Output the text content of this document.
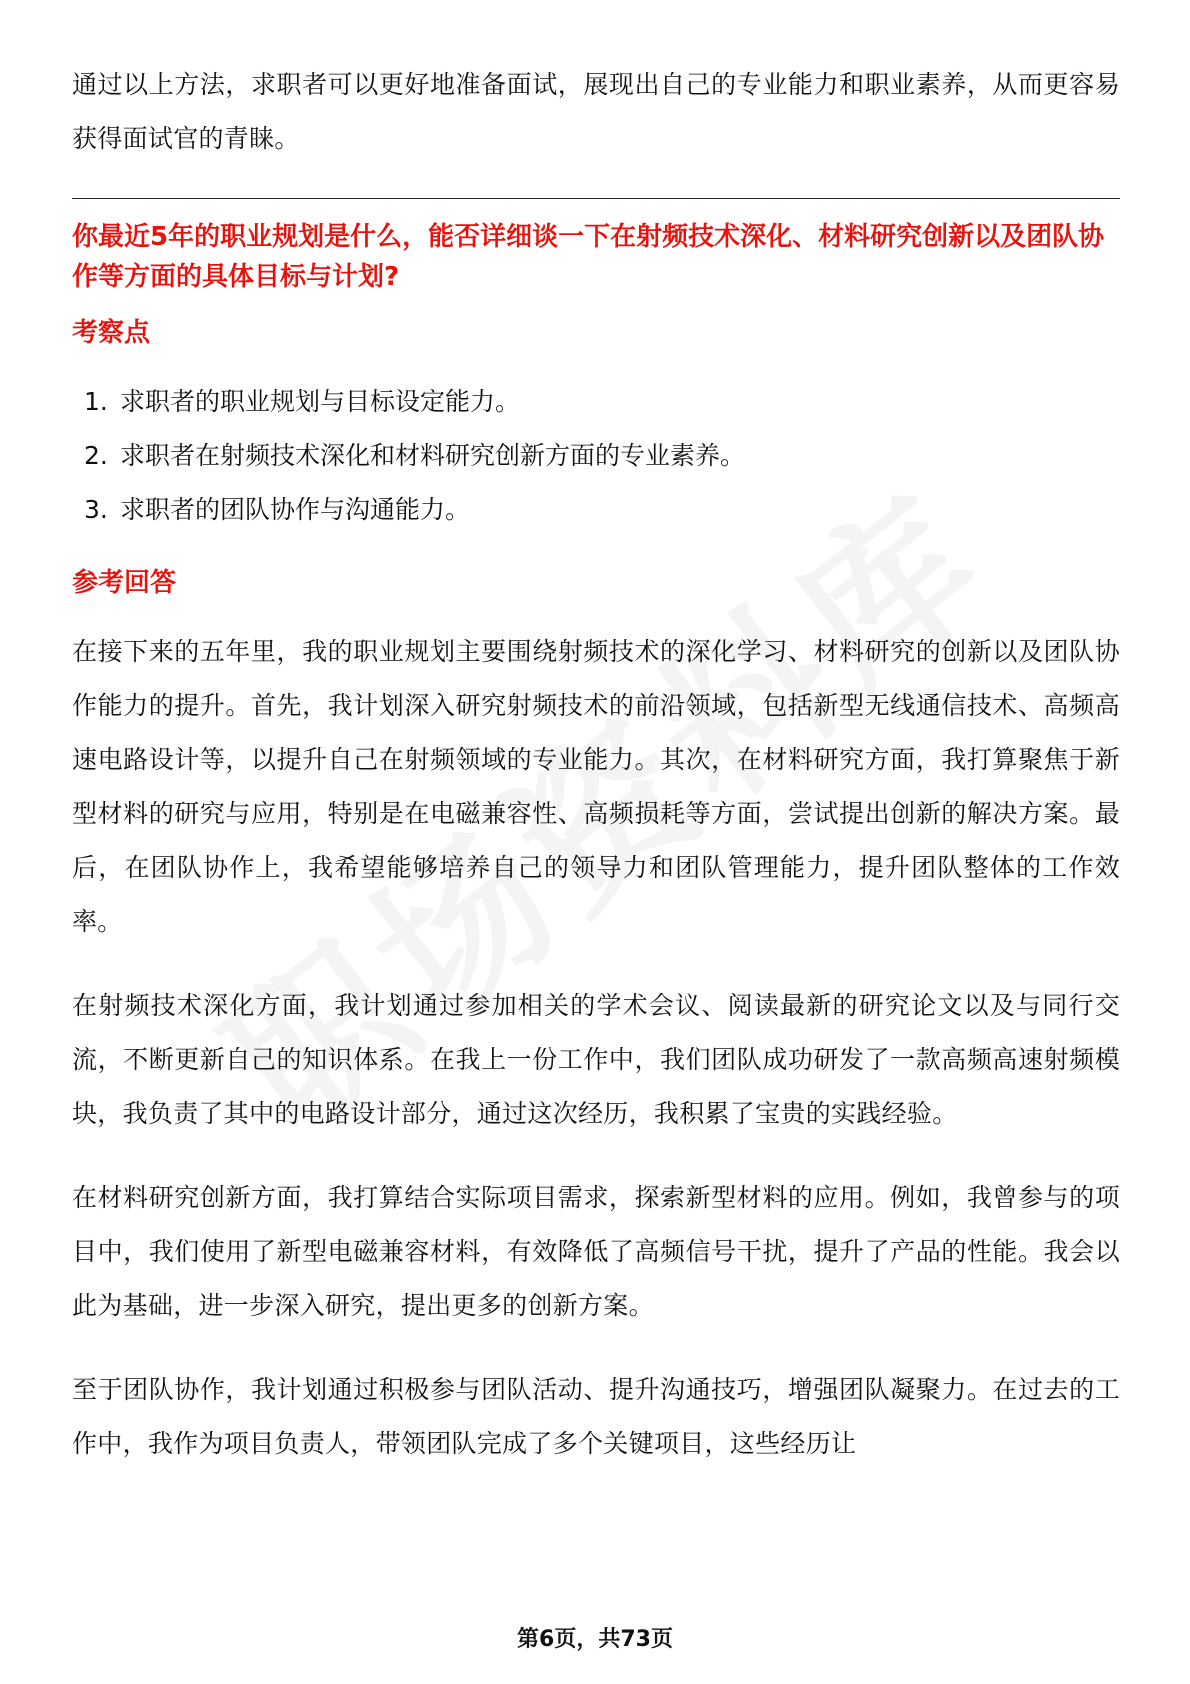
通过以上方法，求职者可以更好地准备面试，展现出自己的专业能力和职业素养，从而更容易获得面试官的青睐。

你最近5年的职业规划是什么，能否详细谈一下在射频技术深化、材料研究创新以及团队协作等方面的具体目标与计划?

考察点
1. 求职者的职业规划与目标设定能力。
2. 求职者在射频技术深化和材料研究创新方面的专业素养。
3. 求职者的团队协作与沟通能力。
参考回答

在接下来的五年里，我的职业规划主要围绕射频技术的深化学习、材料研究的创新以及团队协作能力的提升。首先，我计划深入研究射频技术的前沿领域，包括新型无线通信技术、高频高速电路设计等，以提升自己在射频领域的专业能力。其次，在材料研究方面，我打算聚焦于新型材料的研究与应用，特别是在电磁兼容性、高频损耗等方面，尝试提出创新的解决方案。最后，在团队协作上，我希望能够培养自己的领导力和团队管理能力，提升团队整体的工作效率。

在射频技术深化方面，我计划通过参加相关的学术会议、阅读最新的研究论文以及与同行交流，不断更新自己的知识体系。在我上一份工作中，我们团队成功研发了一款高频高速射频模块，我负责了其中的电路设计部分，通过这次经历，我积累了宝贵的实践经验。

在材料研究创新方面，我打算结合实际项目需求，探索新型材料的应用。例如，我曾参与的项目中，我们使用了新型电磁兼容材料，有效降低了高频信号干扰，提升了产品的性能。我会以此为基础，进一步深入研究，提出更多的创新方案。

至于团队协作，我计划通过积极参与团队活动、提升沟通技巧，增强团队凝聚力。在过去的工作中，我作为项目负责人，带领团队完成了多个关键项目，这些经历让

第6页，共73页
